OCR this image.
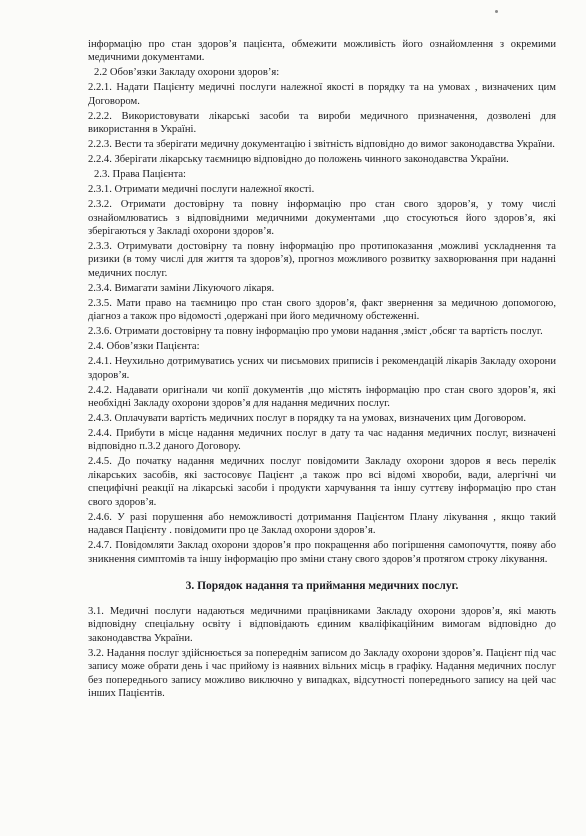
інформацію про стан здоров’я пацієнта, обмежити можливість його ознайомлення з окремими медичними документами.

2.2 Обов’язки Закладу охорони здоров’я:

2.2.1. Надати Пацієнту медичні послуги належної якості в порядку та на умовах , визначених цим Договором.

2.2.2. Використовувати лікарські засоби та вироби медичного призначення, дозволені для використання в Україні.

2.2.3. Вести та зберігати медичну документацію і звітність відповідно до вимог законодавства України.

2.2.4. Зберігати лікарську таємницю відповідно до положень чинного законодавства України.

2.3. Права Пацієнта:

2.3.1. Отримати медичні послуги належної якості.

2.3.2. Отримати достовірну та повну інформацію про стан свого здоров’я, у тому числі ознайомлюватись з відповідними медичними документами ,що стосуються його здоров’я, які зберігаються у Закладі охорони здоров’я.

2.3.3. Отримувати достовірну та повну інформацію про протипоказання ,можливі ускладнення та ризики (в тому числі для життя та здоров’я), прогноз можливого розвитку захворювання при наданні медичних послуг.

2.3.4. Вимагати заміни Лікуючого лікаря.

2.3.5. Мати право на таємницю про стан свого здоров’я, факт звернення за медичною допомогою, діагноз а також про відомості ,одержані при його медичному обстеженні.

2.3.6. Отримати достовірну та повну інформацію про умови надання ,зміст ,обсяг та вартість послуг.

2.4. Обов’язки Пацієнта:

2.4.1. Неухильно дотримуватись усних чи письмових приписів і рекомендацій лікарів Закладу охорони здоров’я.

2.4.2. Надавати оригінали чи копії документів ,що містять інформацію про стан свого здоров’я, які необхідні Закладу охорони здоров’я для надання медичних послуг.

2.4.3. Оплачувати вартість медичних послуг в порядку та на умовах, визначених цим Договором.

2.4.4. Прибути в місце надання медичних послуг в дату та час надання медичних послуг, визначені відповідно п.3.2 даного Договору.

2.4.5. До початку надання медичних послуг повідомити Закладу охорони здоров я весь перелік лікарських засобів, які застосовує Пацієнт ,а також про всі відомі хвороби, вади, алергічні чи специфічні реакції на лікарські засоби і продукти харчування та іншу суттєву інформацію про стан свого здоров’я.

2.4.6. У разі порушення або неможливості дотримання Пацієнтом Плану лікування , якщо такий надався Пацієнту . повідомити про це Заклад охорони здоров’я.

2.4.7. Повідомляти Заклад охорони здоров’я про покращення або погіршення самопочуття, появу або зникнення симптомів та іншу інформацію про зміни стану свого здоров’я протягом строку лікування.

3. Порядок надання та приймання медичних послуг.

3.1. Медичні послуги надаються медичними працівниками Закладу охорони здоров’я, які мають відповідну спеціальну освіту і відповідають єдиним кваліфікаційним вимогам відповідно до законодавства України.

3.2. Надання послуг здійснюється за попереднім записом до Закладу охорони здоров’я. Пацієнт під час запису може обрати день і час прийому із наявних вільних місць в графіку. Надання медичних послуг без попереднього запису можливо виключно у випадках, відсутності попереднього запису на цей час інших Пацієнтів.
